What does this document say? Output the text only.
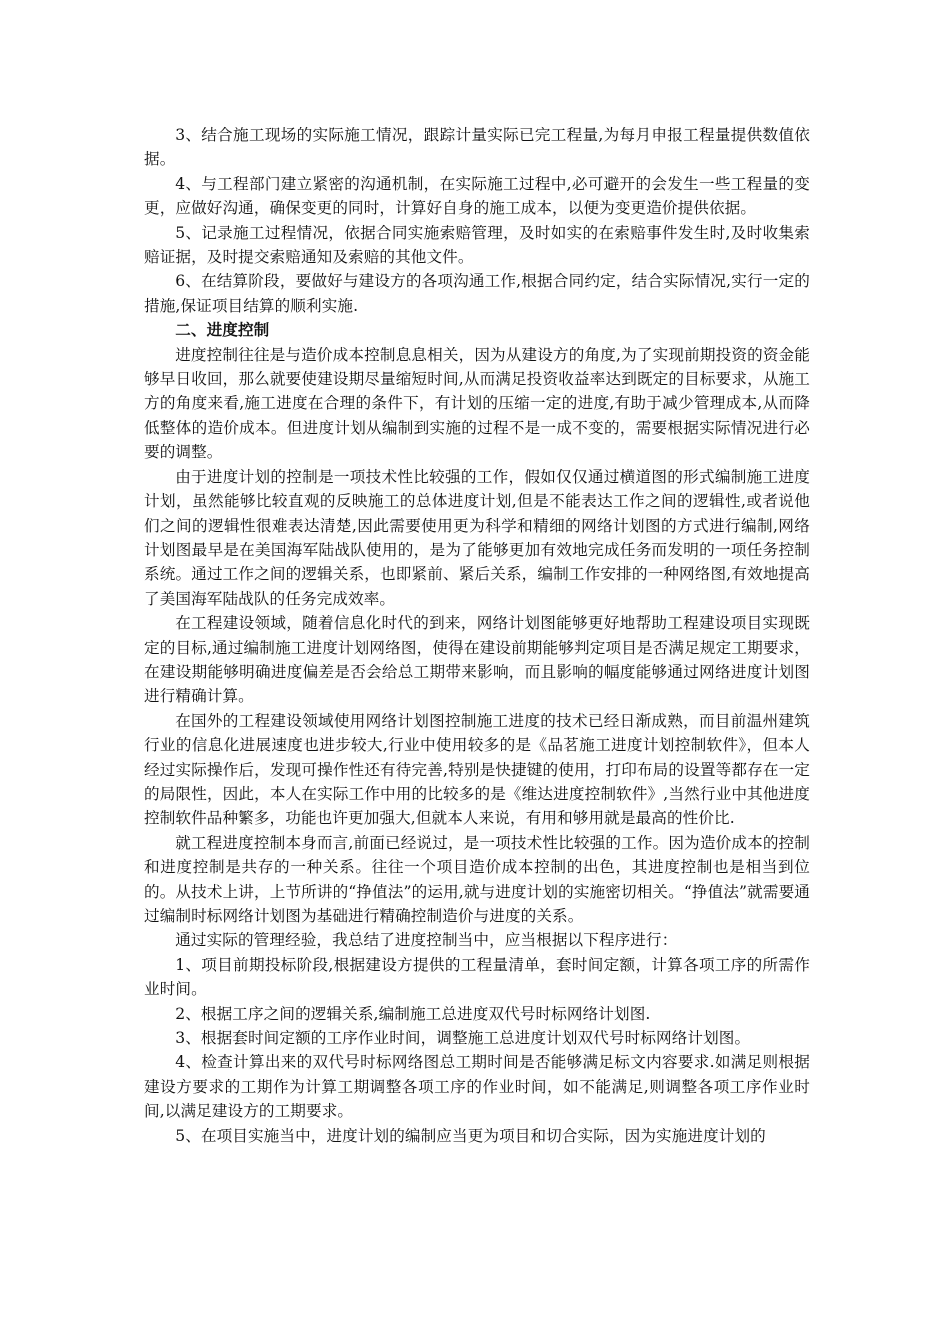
3、结合施工现场的实际施工情况，跟踪计量实际已完工程量,为每月申报工程量提供数值依据。

4、与工程部门建立紧密的沟通机制，在实际施工过程中,必可避开的会发生一些工程量的变更，应做好沟通，确保变更的同时，计算好自身的施工成本，以便为变更造价提供依据。

5、记录施工过程情况，依据合同实施索赔管理，及时如实的在索赔事件发生时,及时收集索赔证据，及时提交索赔通知及索赔的其他文件。

6、在结算阶段，要做好与建设方的各项沟通工作,根据合同约定，结合实际情况,实行一定的措施,保证项目结算的顺利实施.

二、进度控制

进度控制往往是与造价成本控制息息相关，因为从建设方的角度,为了实现前期投资的资金能够早日收回，那么就要使建设期尽量缩短时间,从而满足投资收益率达到既定的目标要求，从施工方的角度来看,施工进度在合理的条件下，有计划的压缩一定的进度,有助于减少管理成本,从而降低整体的造价成本。但进度计划从编制到实施的过程不是一成不变的，需要根据实际情况进行必要的调整。

由于进度计划的控制是一项技术性比较强的工作，假如仅仅通过横道图的形式编制施工进度计划，虽然能够比较直观的反映施工的总体进度计划,但是不能表达工作之间的逻辑性,或者说他们之间的逻辑性很难表达清楚,因此需要使用更为科学和精细的网络计划图的方式进行编制,网络计划图最早是在美国海军陆战队使用的，是为了能够更加有效地完成任务而发明的一项任务控制系统。通过工作之间的逻辑关系，也即紧前、紧后关系，编制工作安排的一种网络图,有效地提高了美国海军陆战队的任务完成效率。

在工程建设领域，随着信息化时代的到来，网络计划图能够更好地帮助工程建设项目实现既定的目标,通过编制施工进度计划网络图，使得在建设前期能够判定项目是否满足规定工期要求，在建设期能够明确进度偏差是否会给总工期带来影响，而且影响的幅度能够通过网络进度计划图进行精确计算。

在国外的工程建设领域使用网络计划图控制施工进度的技术已经日渐成熟，而目前温州建筑行业的信息化进展速度也进步较大,行业中使用较多的是《品茗施工进度计划控制软件》，但本人经过实际操作后，发现可操作性还有待完善,特别是快捷键的使用，打印布局的设置等都存在一定的局限性，因此，本人在实际工作中用的比较多的是《维达进度控制软件》,当然行业中其他进度控制软件品种繁多，功能也许更加强大,但就本人来说，有用和够用就是最高的性价比.

就工程进度控制本身而言,前面已经说过，是一项技术性比较强的工作。因为造价成本的控制和进度控制是共存的一种关系。往往一个项目造价成本控制的出色，其进度控制也是相当到位的。从技术上讲，上节所讲的“挣值法”的运用,就与进度计划的实施密切相关。“挣值法”就需要通过编制时标网络计划图为基础进行精确控制造价与进度的关系。

通过实际的管理经验，我总结了进度控制当中，应当根据以下程序进行：

1、项目前期投标阶段,根据建设方提供的工程量清单，套时间定额，计算各项工序的所需作业时间。

2、根据工序之间的逻辑关系,编制施工总进度双代号时标网络计划图.

3、根据套时间定额的工序作业时间，调整施工总进度计划双代号时标网络计划图。

4、检查计算出来的双代号时标网络图总工期时间是否能够满足标文内容要求.如满足则根据建设方要求的工期作为计算工期调整各项工序的作业时间，如不能满足,则调整各项工序作业时间,以满足建设方的工期要求。

5、在项目实施当中，进度计划的编制应当更为项目和切合实际，因为实施进度计划的
